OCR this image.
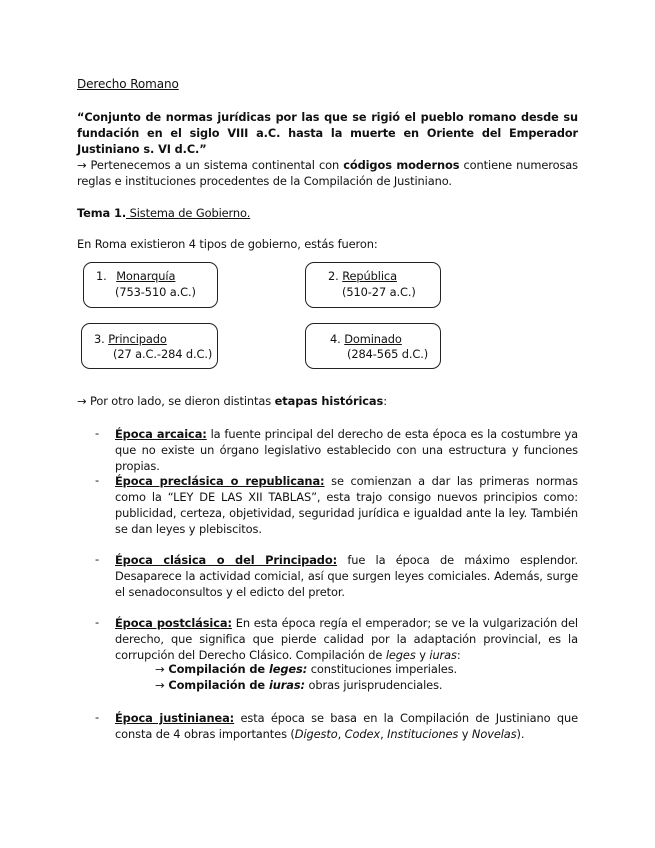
Derecho Romano
“Conjunto de normas jurídicas por las que se rigió el pueblo romano desde su fundación en el siglo VIII a.C. hasta la muerte en Oriente del Emperador Justiniano s. VI d.C.”
→ Pertenecemos a un sistema continental con códigos modernos contiene numerosas reglas e instituciones procedentes de la Compilación de Justiniano.
Tema 1. Sistema de Gobierno.
En Roma existieron 4 tipos de gobierno, estás fueron:
1. Monarquía
(753-510 a.C.)
2. República
(510-27 a.C.)
3. Principado
(27 a.C.-284 d.C.)
4. Dominado
(284-565 d.C.)
→ Por otro lado, se dieron distintas etapas históricas:
- Época arcaica: la fuente principal del derecho de esta época es la costumbre ya que no existe un órgano legislativo establecido con una estructura y funciones propias.
- Época preclásica o republicana: se comienzan a dar las primeras normas como la “LEY DE LAS XII TABLAS”, esta trajo consigo nuevos principios como: publicidad, certeza, objetividad, seguridad jurídica e igualdad ante la ley. También se dan leyes y plebiscitos.
- Época clásica o del Principado: fue la época de máximo esplendor. Desaparece la actividad comicial, así que surgen leyes comiciales. Además, surge el senadoconsultos y el edicto del pretor.
- Época postclásica: En esta época regía el emperador; se ve la vulgarización del derecho, que significa que pierde calidad por la adaptación provincial, es la corrupción del Derecho Clásico. Compilación de leges y iuras:
→ Compilación de leges: constituciones imperiales.
→ Compilación de iuras: obras jurisprudenciales.
- Época justinianea: esta época se basa en la Compilación de Justiniano que consta de 4 obras importantes (Digesto, Codex, Instituciones y Novelas).
